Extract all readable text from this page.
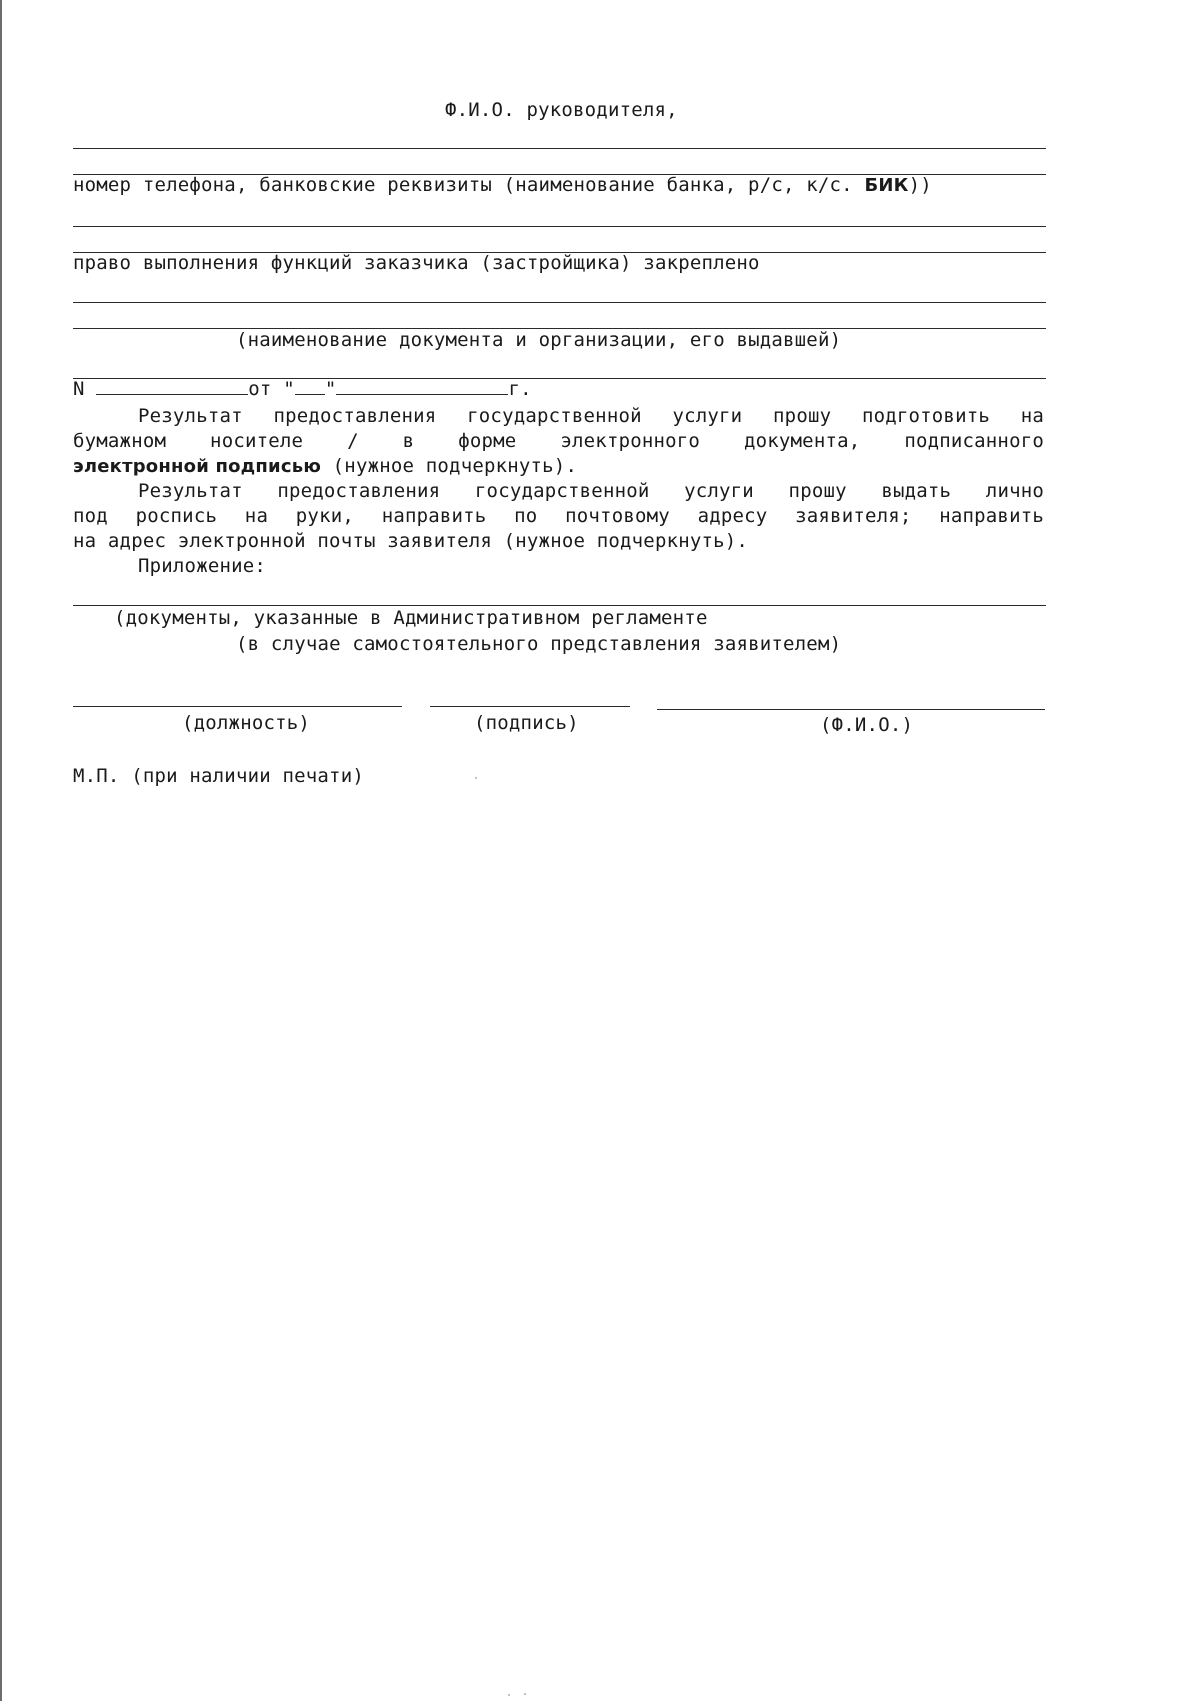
Ф.И.О. руководителя,
номер телефона, банковские реквизиты (наименование банка, р/с, к/с. БИК))
право выполнения функций заказчика (застройщика) закреплено
(наименование документа и организации, его выдавшей)
N	от " "	г.
Результат предоставления государственной услуги прошу подготовить на
бумажном носителе / в форме электронного документа, подписанного
электронной подписью (нужное подчеркнуть).
Результат предоставления государственной услуги прошу выдать лично
под роспись на руки, направить по почтовому адресу заявителя; направить
на адрес электронной почты заявителя (нужное подчеркнуть).
Приложение:
(документы, указанные в Административном регламенте
(в случае самостоятельного представления заявителем)
(должность)	(подпись)	(Ф.И.О.)
М.П. (при наличии печати)
